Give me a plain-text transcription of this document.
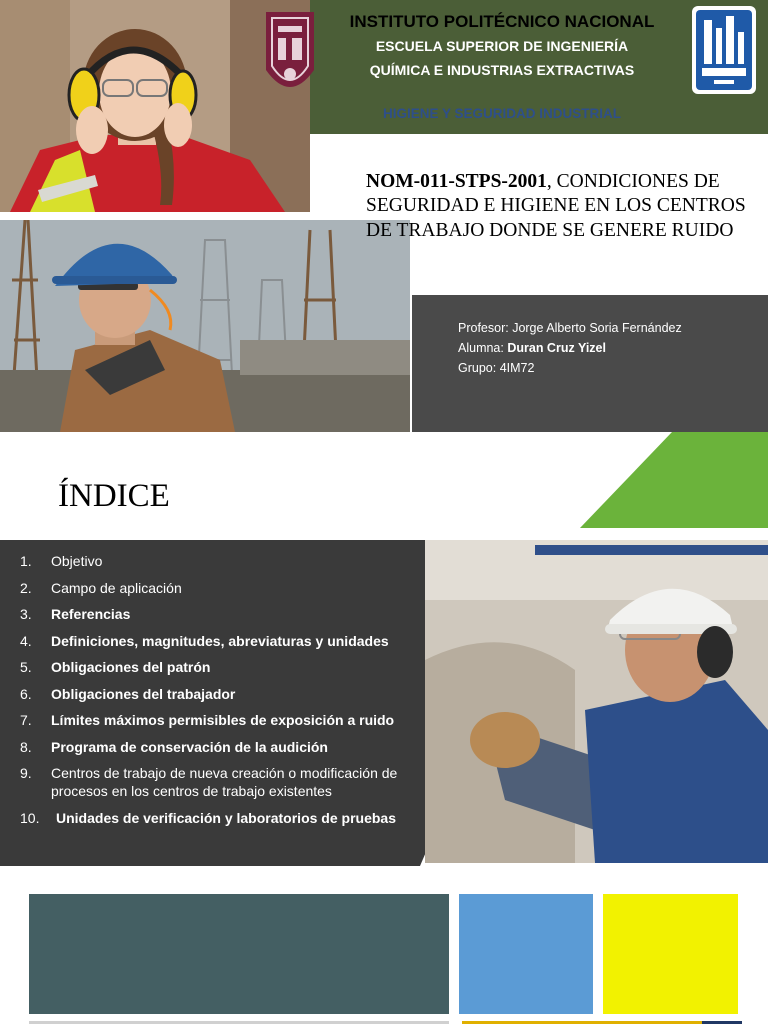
INSTITUTO POLITÉCNICO NACIONAL
ESCUELA SUPERIOR DE INGENIERÍA
QUÍMICA E INDUSTRIAS EXTRACTIVAS
HIGIENE Y SEGURIDAD INDUSTRIAL
NOM-011-STPS-2001, CONDICIONES DE SEGURIDAD E HIGIENE EN LOS CENTROS DE TRABAJO DONDE SE GENERE RUIDO
Profesor: Jorge Alberto Soria Fernández
Alumna: Duran Cruz Yizel
Grupo: 4IM72
ÍNDICE
1.	Objetivo
2.	Campo de aplicación
3.	Referencias
4.	Definiciones, magnitudes, abreviaturas y unidades
5.	Obligaciones del patrón
6.	Obligaciones del trabajador
7.	Límites máximos permisibles de exposición a ruido
8.	Programa de conservación de la audición
9.	Centros de trabajo de nueva creación o modificación de procesos en los centros de trabajo existentes
10.	Unidades de verificación y laboratorios de pruebas
